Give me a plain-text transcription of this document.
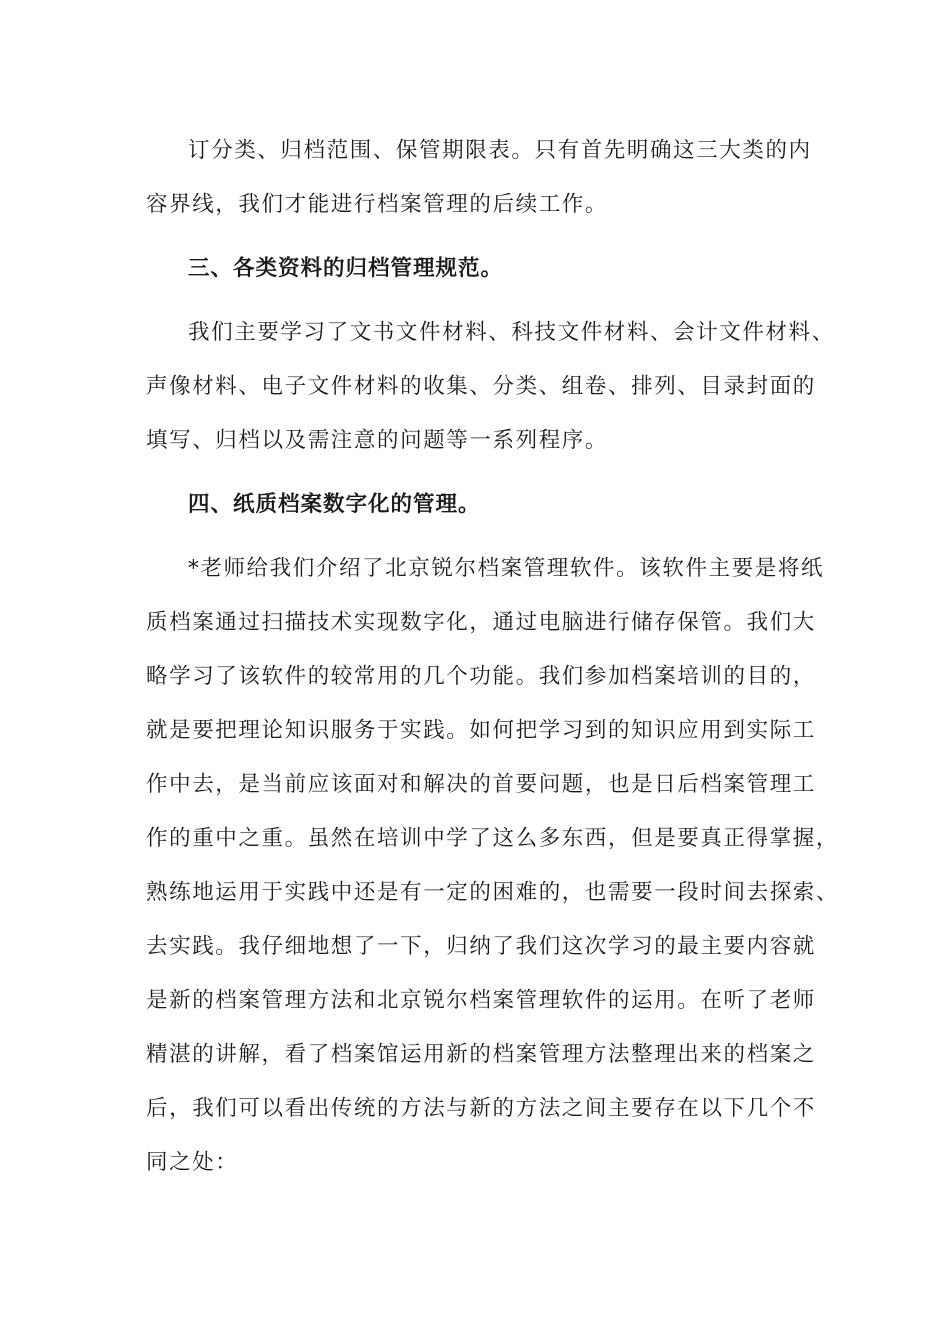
订分类、归档范围、保管期限表。只有首先明确这三大类的内
容界线，我们才能进行档案管理的后续工作。
三、各类资料的归档管理规范。
我们主要学习了文书文件材料、科技文件材料、会计文件材料、
声像材料、电子文件材料的收集、分类、组卷、排列、目录封面的
填写、归档以及需注意的问题等一系列程序。
四、纸质档案数字化的管理。
*老师给我们介绍了北京锐尔档案管理软件。该软件主要是将纸
质档案通过扫描技术实现数字化，通过电脑进行储存保管。我们大
略学习了该软件的较常用的几个功能。我们参加档案培训的目的，
就是要把理论知识服务于实践。如何把学习到的知识应用到实际工
作中去，是当前应该面对和解决的首要问题，也是日后档案管理工
作的重中之重。虽然在培训中学了这么多东西，但是要真正得掌握，
熟练地运用于实践中还是有一定的困难的，也需要一段时间去探索、
去实践。我仔细地想了一下，归纳了我们这次学习的最主要内容就
是新的档案管理方法和北京锐尔档案管理软件的运用。在听了老师
精湛的讲解，看了档案馆运用新的档案管理方法整理出来的档案之
后，我们可以看出传统的方法与新的方法之间主要存在以下几个不
同之处：
